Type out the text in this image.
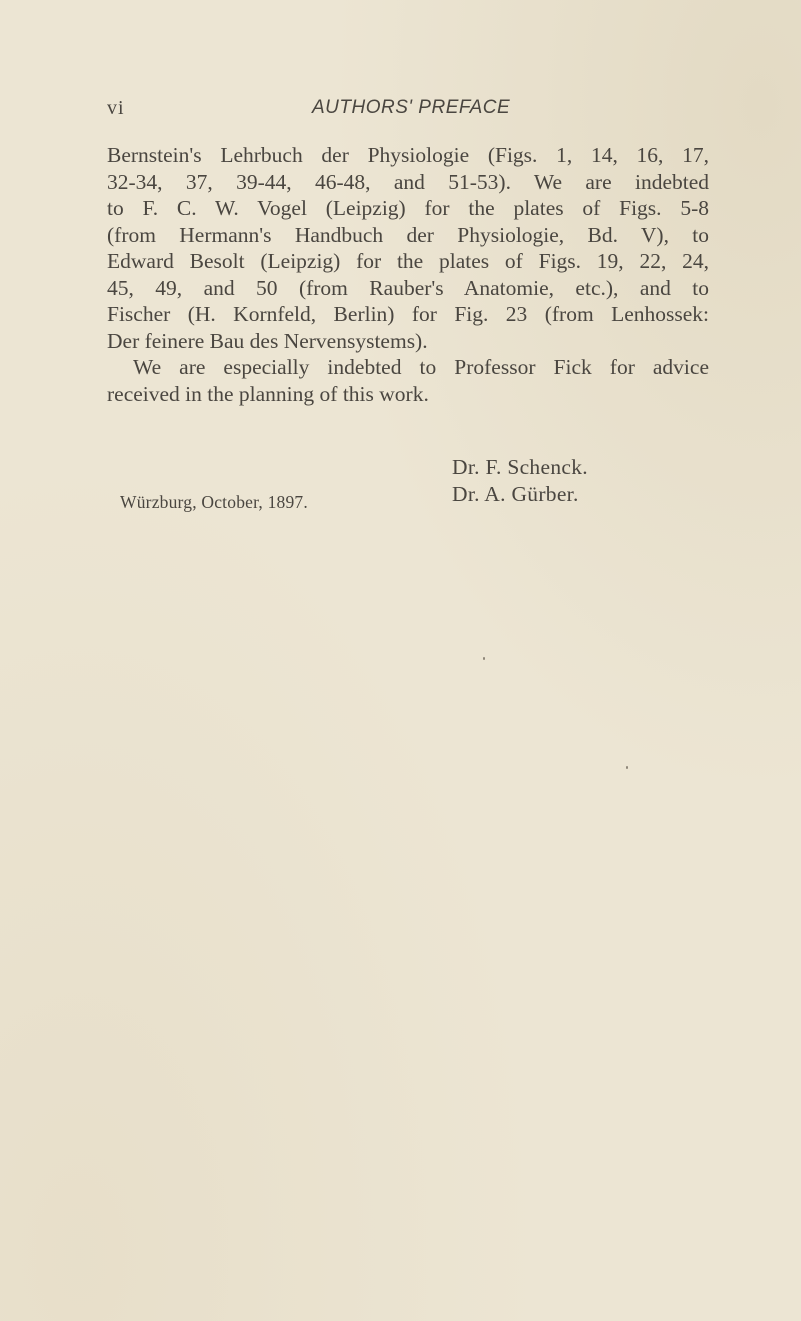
vi	AUTHORS' PREFACE
Bernstein's Lehrbuch der Physiologie (Figs. 1, 14, 16, 17,
32-34, 37, 39-44, 46-48, and 51-53). We are indebted
to F. C. W. Vogel (Leipzig) for the plates of Figs. 5-8
(from Hermann's Handbuch der Physiologie, Bd. V), to
Edward Besolt (Leipzig) for the plates of Figs. 19, 22, 24,
45, 49, and 50 (from Rauber's Anatomie, etc.), and to
Fischer (H. Kornfeld, Berlin) for Fig. 23 (from Lenhossek:
Der feinere Bau des Nervensystems).
We are especially indebted to Professor Fick for advice
received in the planning of this work.
Dr. F. Schenck.
Dr. A. Gürber.
Würzburg, October, 1897.
